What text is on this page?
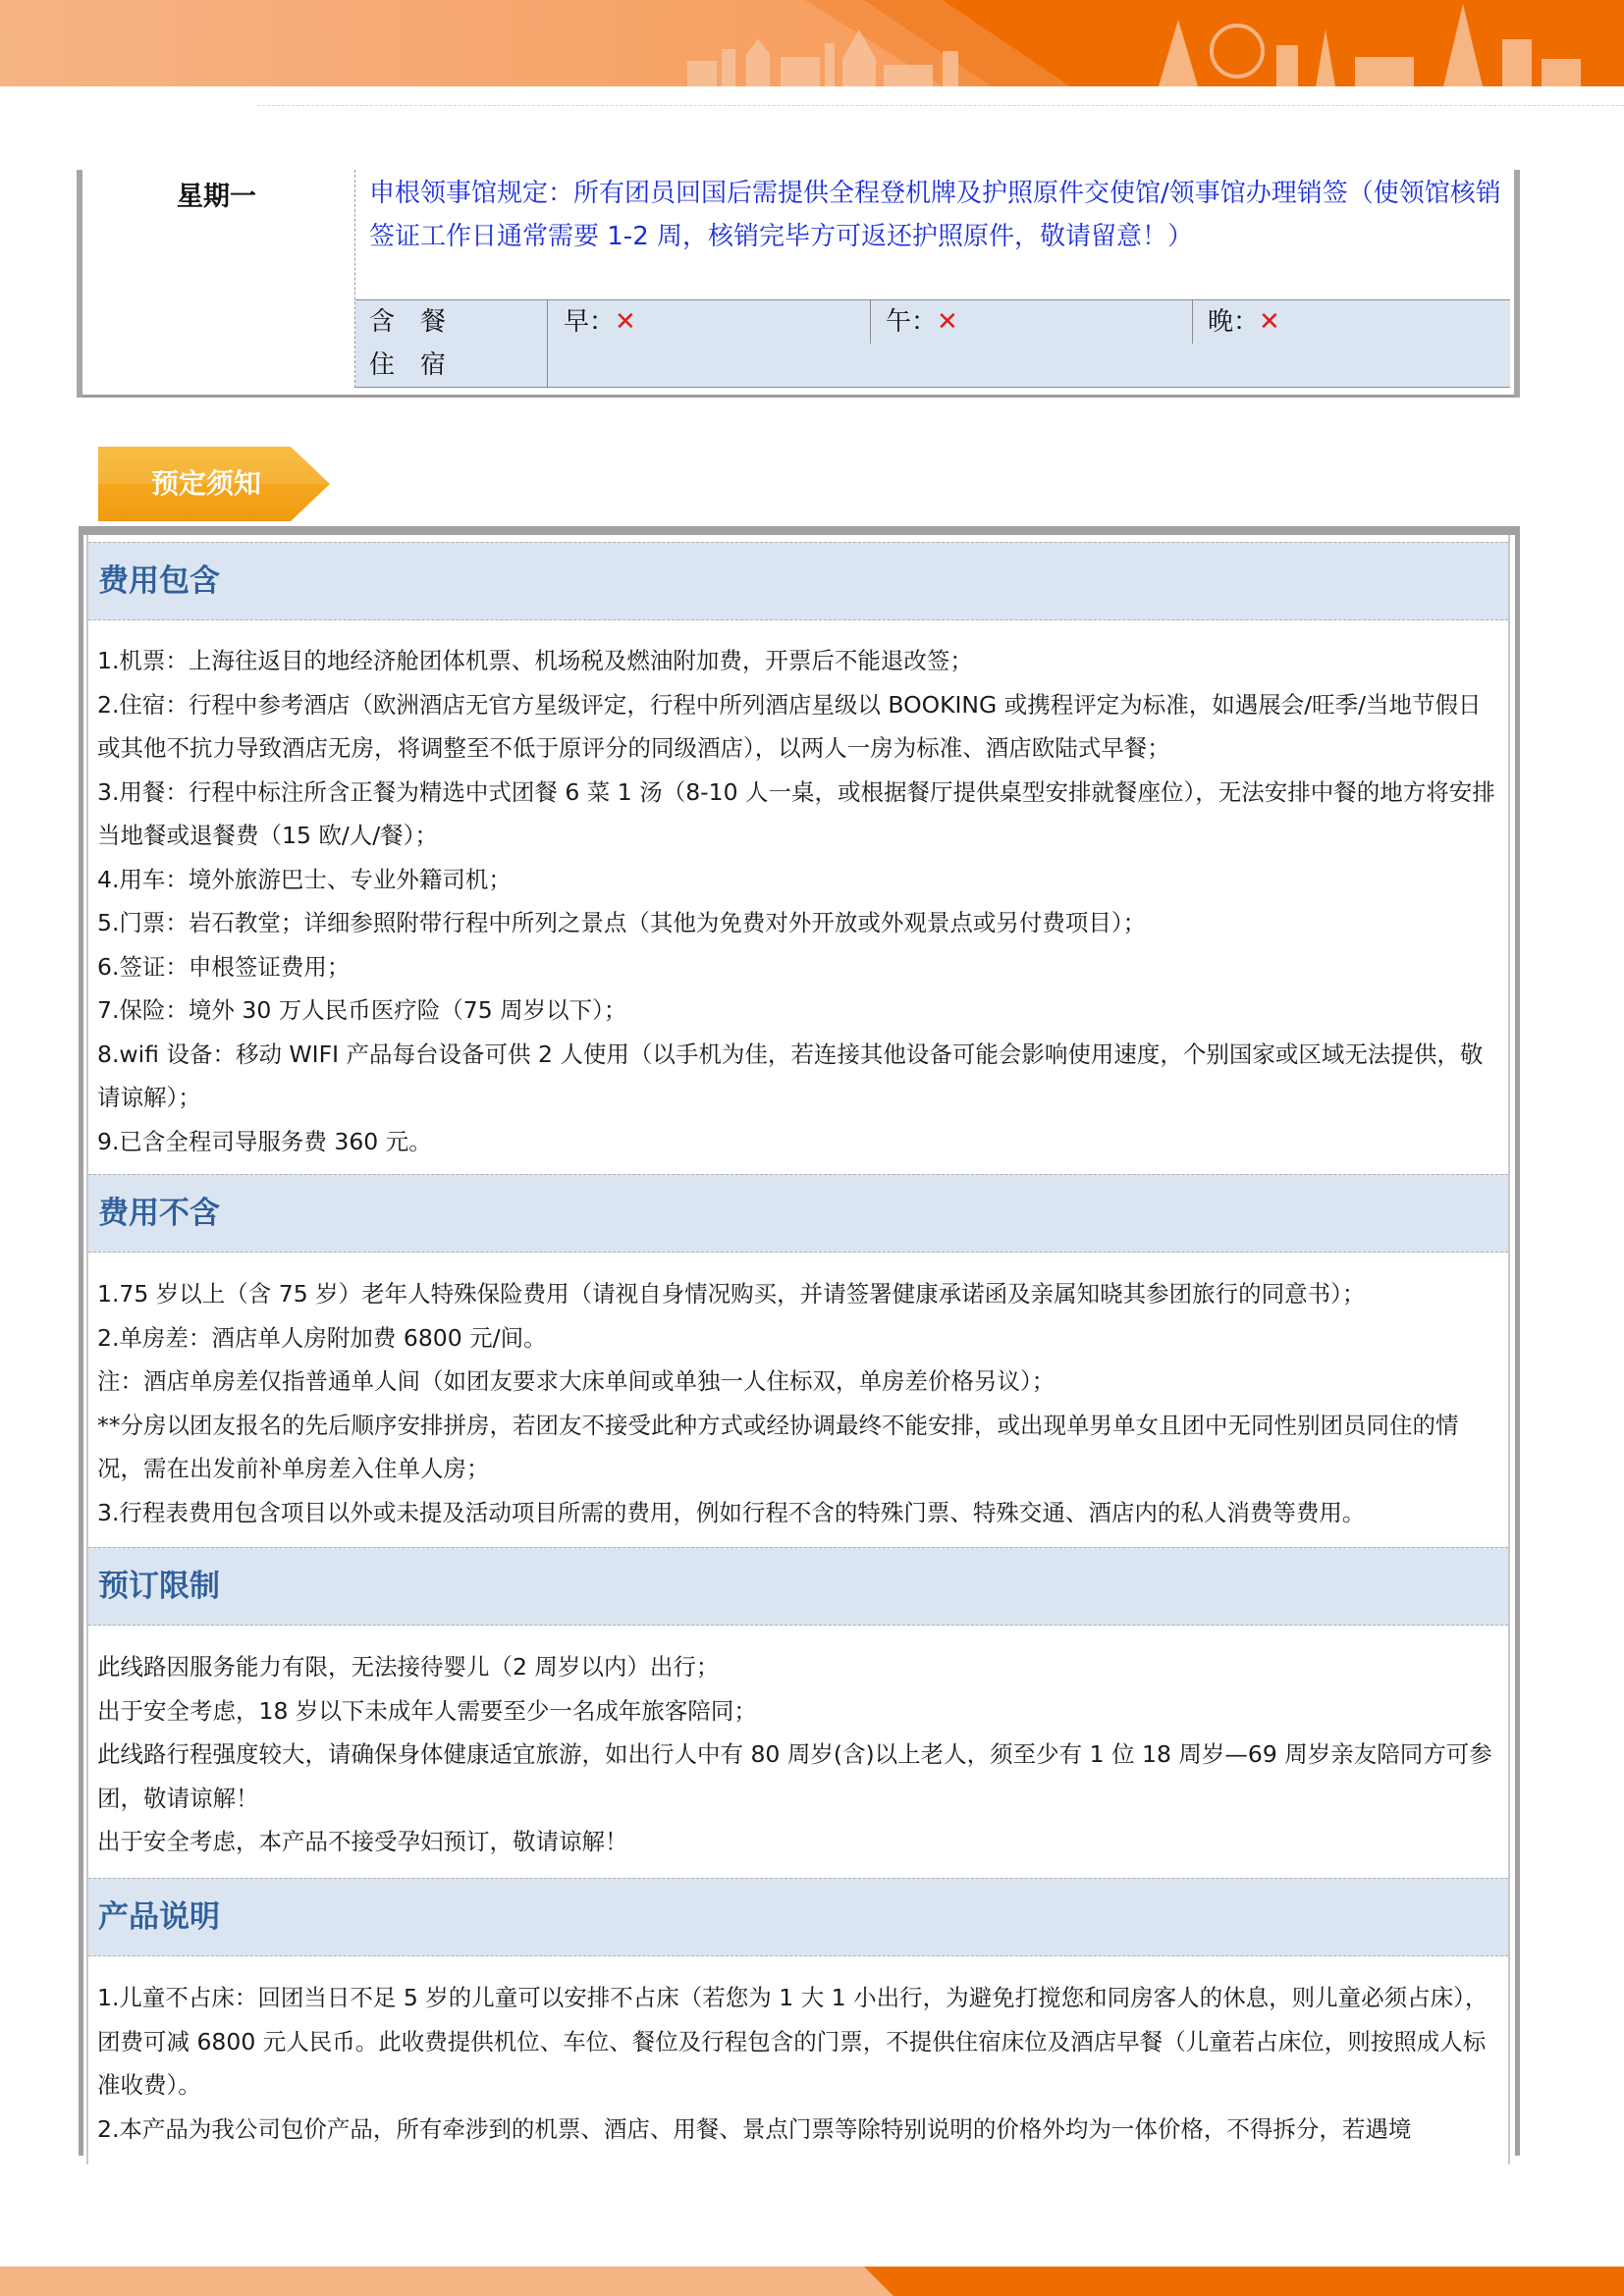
星期一	申根领事馆规定：所有团员回国后需提供全程登机牌及护照原件交使馆/领事馆办理销签（使领馆核销签证工作日通常需要 1-2 周，核销完毕方可返还护照原件，敬请留意！）
含　餐	早：✕	午：✕	晚：✕
住　宿
预定须知
费用包含

1.机票：上海往返目的地经济舱团体机票、机场税及燃油附加费，开票后不能退改签；

2.住宿：行程中参考酒店（欧洲酒店无官方星级评定，行程中所列酒店星级以 BOOKING 或携程评定为标准，如遇展会/旺季/当地节假日或其他不抗力导致酒店无房，将调整至不低于原评分的同级酒店），以两人一房为标准、酒店欧陆式早餐；

3.用餐：行程中标注所含正餐为精选中式团餐 6 菜 1 汤（8-10 人一桌，或根据餐厅提供桌型安排就餐座位），无法安排中餐的地方将安排当地餐或退餐费（15 欧/人/餐）；

4.用车：境外旅游巴士、专业外籍司机；

5.门票：岩石教堂；详细参照附带行程中所列之景点（其他为免费对外开放或外观景点或另付费项目）；

6.签证：申根签证费用；

7.保险：境外 30 万人民币医疗险（75 周岁以下）；

8.wifi 设备：移动 WIFI 产品每台设备可供 2 人使用（以手机为佳，若连接其他设备可能会影响使用速度，个别国家或区域无法提供，敬请谅解）；

9.已含全程司导服务费 360 元。

费用不含

1.75 岁以上（含 75 岁）老年人特殊保险费用（请视自身情况购买，并请签署健康承诺函及亲属知晓其参团旅行的同意书）；

2.单房差：酒店单人房附加费 6800 元/间。

注：酒店单房差仅指普通单人间（如团友要求大床单间或单独一人住标双，单房差价格另议）；

**分房以团友报名的先后顺序安排拼房，若团友不接受此种方式或经协调最终不能安排，或出现单男单女且团中无同性别团员同住的情况，需在出发前补单房差入住单人房；

3.行程表费用包含项目以外或未提及活动项目所需的费用，例如行程不含的特殊门票、特殊交通、酒店内的私人消费等费用。

预订限制

此线路因服务能力有限，无法接待婴儿（2 周岁以内）出行；

出于安全考虑，18 岁以下未成年人需要至少一名成年旅客陪同；

此线路行程强度较大，请确保身体健康适宜旅游，如出行人中有 80 周岁(含)以上老人，须至少有 1 位 18 周岁—69 周岁亲友陪同方可参团，敬请谅解！

出于安全考虑，本产品不接受孕妇预订，敬请谅解！

产品说明

1.儿童不占床：回团当日不足 5 岁的儿童可以安排不占床（若您为 1 大 1 小出行，为避免打搅您和同房客人的休息，则儿童必须占床），团费可减 6800 元人民币。此收费提供机位、车位、餐位及行程包含的门票，不提供住宿床位及酒店早餐（儿童若占床位，则按照成人标准收费）。

2.本产品为我公司包价产品，所有牵涉到的机票、酒店、用餐、景点门票等除特别说明的价格外均为一体价格，不得拆分，若遇境
